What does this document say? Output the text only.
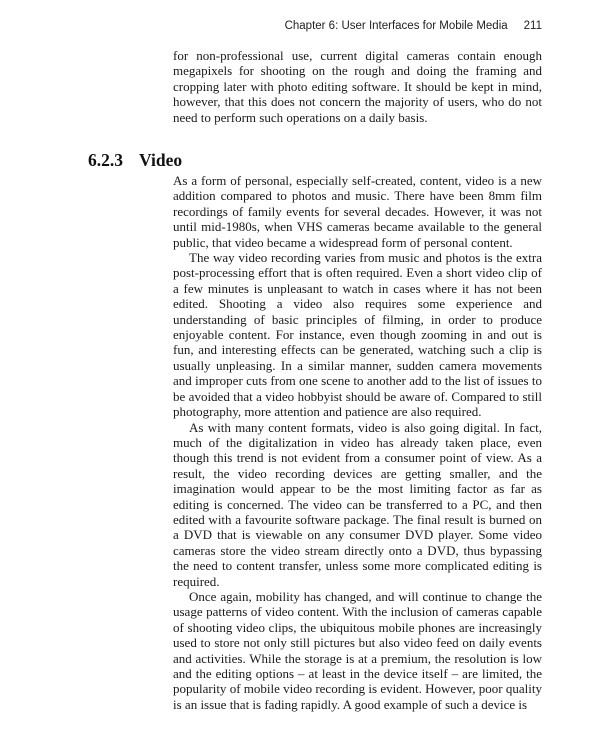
Chapter 6: User Interfaces for Mobile Media 211

for non-professional use, current digital cameras contain enough megapixels for shooting on the rough and doing the framing and cropping later with photo editing software. It should be kept in mind, however, that this does not concern the majority of users, who do not need to perform such operations on a daily basis.

6.2.3 Video

As a form of personal, especially self-created, content, video is a new addition compared to photos and music. There have been 8mm film recordings of family events for several decades. However, it was not until mid-1980s, when VHS cameras became available to the general public, that video became a widespread form of personal content.

The way video recording varies from music and photos is the extra post-processing effort that is often required. Even a short video clip of a few minutes is unpleasant to watch in cases where it has not been edited. Shooting a video also requires some experience and understanding of basic principles of filming, in order to produce enjoyable content. For instance, even though zooming in and out is fun, and interesting effects can be generated, watching such a clip is usually unpleasing. In a similar manner, sudden camera movements and improper cuts from one scene to another add to the list of issues to be avoided that a video hobbyist should be aware of. Compared to still photography, more attention and patience are also required.

As with many content formats, video is also going digital. In fact, much of the digitalization in video has already taken place, even though this trend is not evident from a consumer point of view. As a result, the video recording devices are getting smaller, and the imagination would appear to be the most limiting factor as far as editing is concerned. The video can be transferred to a PC, and then edited with a favourite software package. The final result is burned on a DVD that is viewable on any consumer DVD player. Some video cameras store the video stream directly onto a DVD, thus bypassing the need to content transfer, unless some more complicated editing is required.

Once again, mobility has changed, and will continue to change the usage patterns of video content. With the inclusion of cameras capable of shooting video clips, the ubiquitous mobile phones are increasingly used to store not only still pictures but also video feed on daily events and activities. While the storage is at a premium, the resolution is low and the editing options – at least in the device itself – are limited, the popularity of mobile video recording is evident. However, poor quality is an issue that is fading rapidly. A good example of such a device is
